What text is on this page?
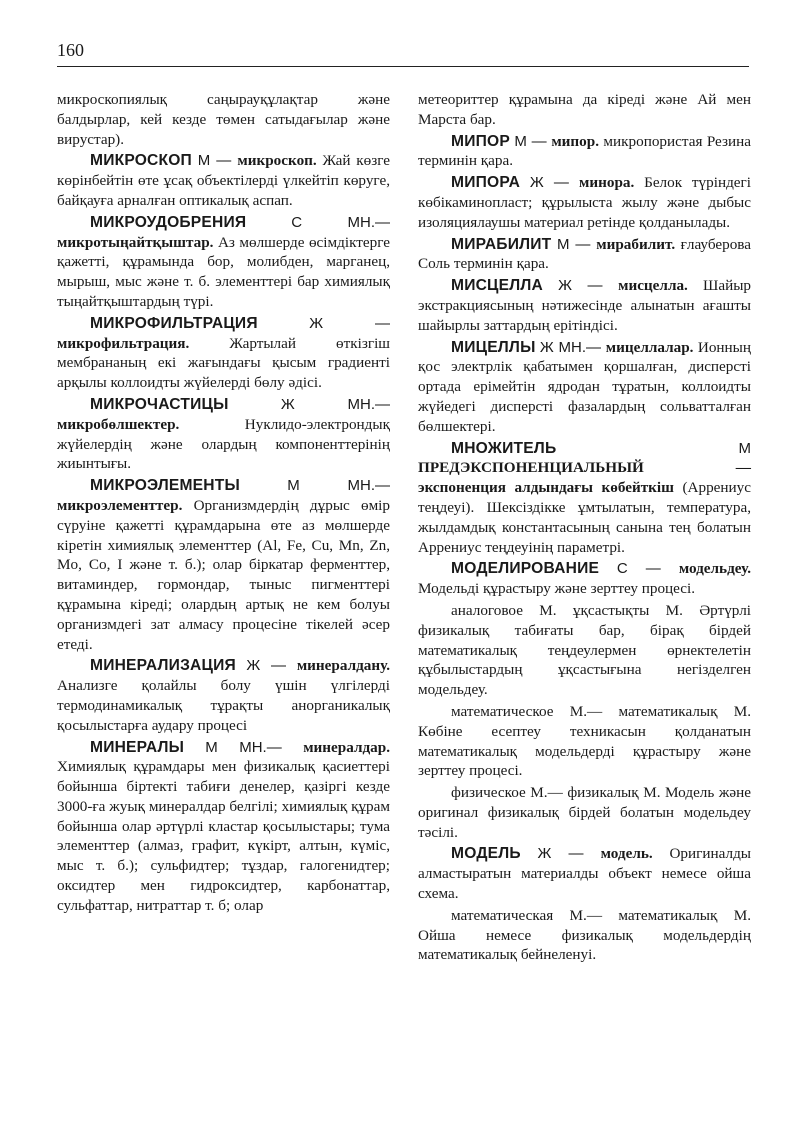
160

микроскопиялық саңырауқұлақтар және балдырлар, кей кезде төмен сатыдағылар және вирустар).

МИКРОСКОП М — микроскоп. Жай көзге көрінбейтін өте ұсақ объектілерді үлкейтіп көруге, байқауға арналған оптикалық аспап.

МИКРОУДОБРЕНИЯ	С МН.— микротыңайтқыштар. Аз мөлшерде өсімдіктерге қажетті, құрамында бор, молибден, марганец, мырыш, мыс және т. б. элементтері бар химиялық тыңайтқыштардың түрі.

МИКРОФИЛЬТРАЦИЯ	Ж — микрофильтрация. Жартылай өткізгіш мембрананың екі жағындағы қысым градиенті арқылы коллоидты жүйелерді бөлу әдісі.

МИКРОЧАСТИЦЫ	Ж МН.— микробөлшектер. Нуклидо-электрондық жүйелердің және олардың компоненттерінің жиынтығы.

МИКРОЭЛЕМЕНТЫ	М МН.— микроэлементтер. Организмдердің дұрыс өмір сүруіне қажетті құрамдарына өте аз мөлшерде кіретін химиялық элементтер (Al, Fe, Cu, Mn, Zn, Mo, Co, I және т. б.); олар біркатар ферменттер, витаминдер, гормондар, тыныс пигменттері құрамына кіреді; олардың артық не кем болуы организмдегі зат алмасу процесіне тікелей әсер етеді.

МИНЕРАЛИЗАЦИЯ Ж — минералдану. Анализге қолайлы болу үшін үлгілерді термодинамикалық тұрақты анорганикалық қосылыстарға аудару процесі

МИНЕРАЛЫ М МН.— минералдар. Химиялық құрамдары мен физикалық қасиеттері бойынша біртекті табиғи денелер, қазіргі кезде 3000-ға жуық минералдар белгілі; химиялық құрам бойынша олар әртүрлі кластар қосылыстары; тума элементтер (алмаз, графит, күкірт, алтын, күміс, мыс т. б.); сульфидтер; тұздар, галогенидтер; оксидтер мен гидроксидтер, карбонаттар, сульфаттар, нитраттар т. б; олар

метеориттер құрамына да кіреді және Ай мен Марста бар.

МИПОР М — мипор. микропористая Резина терминін қара.

МИПОРА Ж — минора. Белок түріндегі көбікаминопласт; құрылыста жылу және дыбыс изоляциялаушы материал ретінде қолданылады.

МИРАБИЛИТ М — мирабилит. ғлауберова Соль терминін қара.

МИСЦЕЛЛА Ж — мисцелла. Шайыр экстракциясының нәтижесінде алынатын ағашты шайырлы заттардың ерітіндісі.

МИЦЕЛЛЫ Ж МН.— мицеллалар. Ионның қос электрлік қабатымен қоршалған, дисперсті ортада ерімейтін ядродан тұратын, коллоидты жүйедегі дисперсті фазалардың сольватталған бөлшектері.

МНОЖИТЕЛЬ	М ПРЕДЭКСПОНЕНЦИАЛЬНЫЙ — экспоненция алдындағы көбейткіш (Аррениус теңдеуі). Шексіздікке ұмтылатын, температура, жылдамдық константасының санына тең болатын Аррениус теңдеуінің параметрі.

МОДЕЛИРОВАНИЕ С — модельдеу. Модельді құрастыру және зерттеу процесі.

аналоговое М. ұқсастықты М. Әртүрлі физикалық табиғаты бар, бірақ бірдей математикалық теңдеулермен өрнектелетін құбылыстардың ұқсастығына негізделген модельдеу.

математическое М.— математикалық М. Көбіне есептеу техникасын қолданатын математикалық модельдерді құрастыру және зерттеу процесі.

физическое М.— физикалық М. Модель және оригинал физикалық бірдей болатын модельдеу тәсілі.

МОДЕЛЬ Ж — модель. Оригиналды алмастыратын материалды объект немесе ойша схема.

математическая М.— математикалық М. Ойша немесе физикалық модельдердің математикалық бейнеленуі.
